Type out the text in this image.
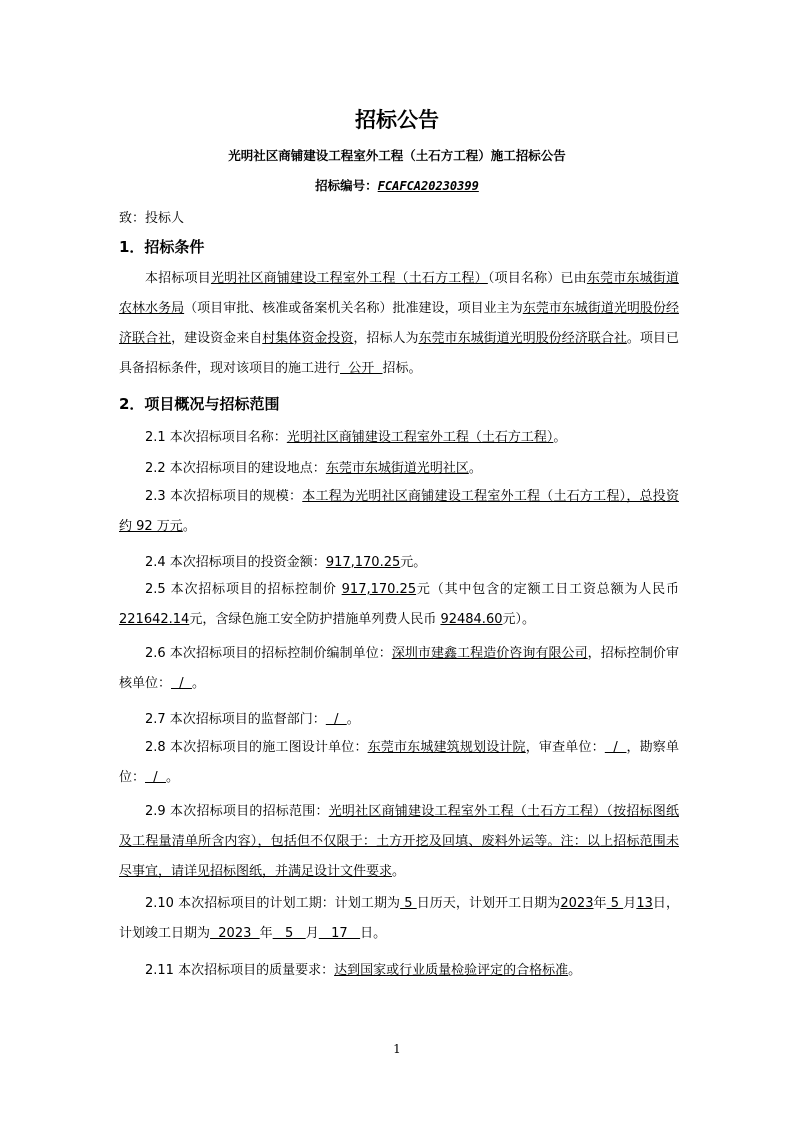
招标公告
光明社区商铺建设工程室外工程（土石方工程）施工招标公告
招标编号：FCAFCA20230399
致：投标人
1．招标条件
本招标项目光明社区商铺建设工程室外工程（土石方工程）（项目名称）已由东莞市东城街道农林水务局（项目审批、核准或备案机关名称）批准建设，项目业主为东莞市东城街道光明股份经济联合社，建设资金来自村集体资金投资，招标人为东莞市东城街道光明股份经济联合社。项目已具备招标条件，现对该项目的施工进行  公开  招标。
2．项目概况与招标范围
2.1 本次招标项目名称：光明社区商铺建设工程室外工程（土石方工程）。
2.2 本次招标项目的建设地点：东莞市东城街道光明社区。
2.3 本次招标项目的规模：本工程为光明社区商铺建设工程室外工程（土石方工程），总投资约 92 万元。
2.4 本次招标项目的投资金额：917,170.25元。
2.5 本次招标项目的招标控制价 917,170.25元（其中包含的定额工日工资总额为人民币 221642.14元，含绿色施工安全防护措施单列费人民币 92484.60元）。
2.6 本次招标项目的招标控制价编制单位：深圳市建鑫工程造价咨询有限公司，招标控制价审核单位：  /  。
2.7 本次招标项目的监督部门：  /  。
2.8 本次招标项目的施工图设计单位：东莞市东城建筑规划设计院，审查单位：  /  ，勘察单位：  /  。
2.9 本次招标项目的招标范围：光明社区商铺建设工程室外工程（土石方工程）（按招标图纸及工程量清单所含内容），包括但不仅限于：土方开挖及回填、废料外运等。注：以上招标范围未尽事宜，请详见招标图纸，并满足设计文件要求。
2.10 本次招标项目的计划工期：计划工期为 5 日历天，计划开工日期为2023年 5 月13日，计划竣工日期为  2023  年   5   月   17   日。
2.11 本次招标项目的质量要求：达到国家或行业质量检验评定的合格标准。
1
